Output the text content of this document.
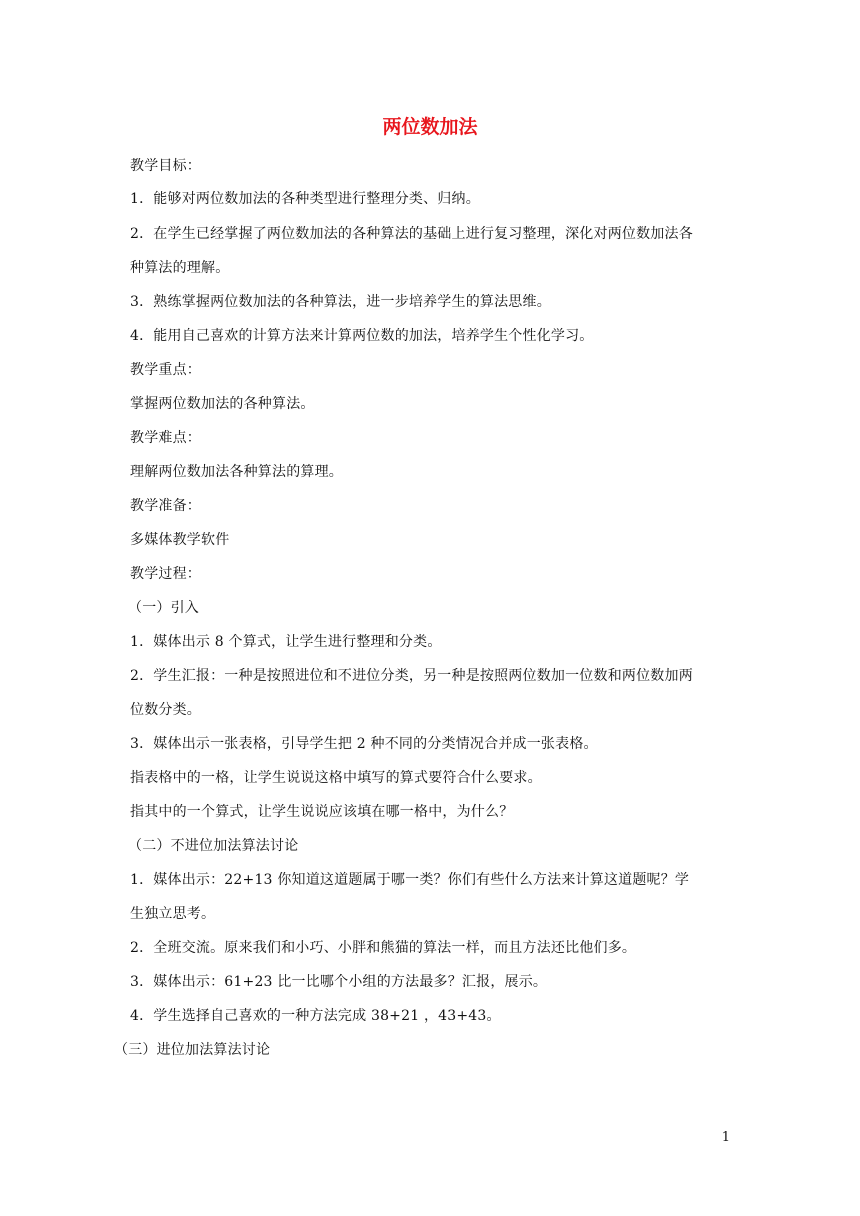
两位数加法
教学目标：
1．能够对两位数加法的各种类型进行整理分类、归纳。
2．在学生已经掌握了两位数加法的各种算法的基础上进行复习整理，深化对两位数加法各
种算法的理解。
3．熟练掌握两位数加法的各种算法，进一步培养学生的算法思维。
4．能用自己喜欢的计算方法来计算两位数的加法，培养学生个性化学习。
教学重点：
掌握两位数加法的各种算法。
教学难点：
理解两位数加法各种算法的算理。
教学准备：
多媒体教学软件
教学过程：
（一）引入
1．媒体出示 8 个算式，让学生进行整理和分类。
2．学生汇报：一种是按照进位和不进位分类，另一种是按照两位数加一位数和两位数加两
位数分类。
3．媒体出示一张表格，引导学生把 2 种不同的分类情况合并成一张表格。
指表格中的一格，让学生说说这格中填写的算式要符合什么要求。
指其中的一个算式，让学生说说应该填在哪一格中，为什么？
（二）不进位加法算法讨论
1．媒体出示：22+13 你知道这道题属于哪一类？你们有些什么方法来计算这道题呢？学
生独立思考。
2．全班交流。原来我们和小巧、小胖和熊猫的算法一样，而且方法还比他们多。
3．媒体出示：61+23 比一比哪个小组的方法最多？汇报，展示。
4．学生选择自己喜欢的一种方法完成 38+21 ，43+43。
（三）进位加法算法讨论
1
